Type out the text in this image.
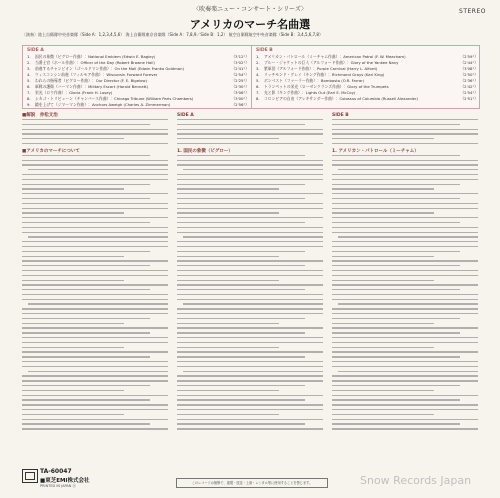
〈吹奏楽ニュー・コンサート・シリーズ〉	STEREO
アメリカのマーチ名曲選
〔演奏〕陸上自衛隊中央音楽隊（Side A：1,2,3,4,5,6） 海上自衛隊東京音楽隊（Side A：7,8,9／Side B：1,2） 航空自衛隊航空中央音楽隊（Side B：3,4,5,6,7,8）
SIDE A
1.	国民の象徴（ビグロー作曲）：National Emblem (Edwin E. Bagley)	（3'12"）
2.	当番士官（ホール作曲）：Officer of the Day (Robert Browne Hall)	（3'02"）
3.	前進するチャンピオン（ゴールドマン作曲）：On the Mall (Edwin Franko Goldman)	（2'41"）
4.	ウィスコンシン前進（フィルモア作曲）：Wisconsin Forward Forever	（2'54"）
5.	われらの指導者（ビグロー作曲）：Our Director (F. E. Bigelow)	（2'25"）
6.	軍隊の護衛（ハーマン作曲）：Military Escort (Harold Bennett)	（2'30"）
7.	栄光（ロウ作曲）：Gloria (Frank H. Losey)	（3'06"）
8.	シカゴ・トリビューン（チャンバース作曲）：Chicago Tribune (William Paris Chambers)	（3'00"）
9.	錨を上げて（ジマーマン作曲）：Anchors Aweigh (Charles A. Zimmerman)	（2'56"）
SIDE B
1.	アメリカン・パトロール（ミーチャム作曲）：American Patrol (F. W. Meacham)	（2'59"）
2.	ブルー・ジャケットの巨人（アルフォード作曲）：Glory of the Yankee Navy	（2'44"）
3.	紫軍団（アルフォード作曲）：Purple Carnival (Harry L. Alford)	（3'08"）
4.	リッチモンド・グレイ（キング作曲）：Richmond Grays (Karl King)	（2'50"）
5.	ボンベスト（ファーラー作曲）：Bombasto (O.R. Farrar)	（2'36"）
6.	トランペットの栄光（ローゼンクランズ作曲）：Glory of the Trumpets	（2'42"）
7.	光と影（キング作曲）：Lights Out (Earl E. McCoy)	（2'54"）
8.	コロンビアの自由（アレキサンダー作曲）：Colossus of Columbia (Russell Alexander)	（2'51"）
■解説　赤松文治
■アメリカのマーチについて
SIDE A
1. 国民の象徴（ビグロー）
SIDE B
1. アメリカン・パトロール（ミーチャム）
TA-60047
■東芝EMI株式会社
PRINTED IN JAPAN ⓟ
このレコードは無断で、複製・放送・上演・レンタル等に使用することを禁じます。	Snow Records Japan
